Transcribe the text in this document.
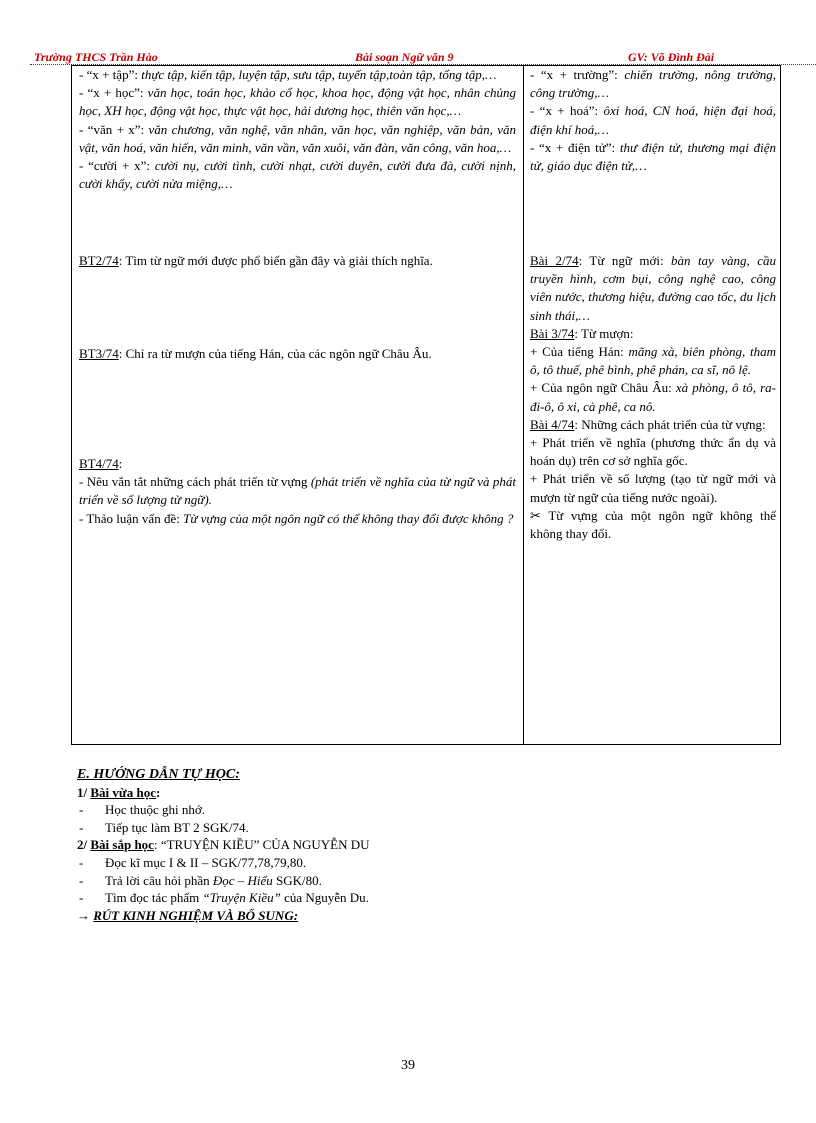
Trường THCS Trần Hào	Bài soạn Ngữ văn 9	GV: Võ Đình Đài
- “x + tập”: thực tập, kiến tập, luyện tập, sưu tập, tuyển tập,toàn tập, tổng tập,…
- “x + học”: văn học, toán học, khảo cổ học, khoa học, động vật học, nhân chủng học, XH học, động vật học, thực vật học, hải dương học, thiên văn học,…
- “văn + x”: văn chương, văn nghệ, văn nhân, văn học, văn nghiệp, văn bản, văn vật, văn hoá, văn hiến, văn minh, văn vần, văn xuôi, văn đàn, văn công, văn hoa,…
- “cười + x”: cười nụ, cười tình, cười nhạt, cười duyên, cười đưa đà, cười nịnh, cười khẩy, cười nửa miệng,…
BT2/74: Tìm từ ngữ mới được phổ biến gần đây và giải thích nghĩa.
BT3/74: Chỉ ra từ mượn của tiếng Hán, của các ngôn ngữ Châu Âu.
BT4/74:
- Nêu vắn tắt những cách phát triển từ vựng (phát triển về nghĩa của từ ngữ và phát triển về số lượng từ ngữ).
- Thảo luận vấn đề: Từ vựng của một ngôn ngữ có thể không thay đổi được không ?
- “x + trường”: chiến trường, nông trường, công trường,…
- “x + hoá”: ôxi hoá, CN hoá, hiện đại hoá, điện khí hoá,…
- “x + điện tử”: thư điện tử, thương mại điện tử, giáo dục điện tử,…
Bài 2/74: Từ ngữ mới: bàn tay vàng, cầu truyền hình, cơm bụi, công nghệ cao, công viên nước, thương hiệu, đường cao tốc, du lịch sinh thái,…
Bài 3/74: Từ mượn:
+ Của tiếng Hán: mãng xà, biên phòng, tham ô, tô thuế, phê bình, phê phán, ca sĩ, nô lệ.
+ Của ngôn ngữ Châu Âu: xà phòng, ô tô, ra-đi-ô, ô xi, cà phê, ca nô.
Bài 4/74: Những cách phát triển của từ vựng:
+ Phát triển về nghĩa (phương thức ẩn dụ và hoán dụ) trên cơ sở nghĩa gốc.
+ Phát triển về số lượng (tạo từ ngữ mới và mượn từ ngữ của tiếng nước ngoài).
✂ Từ vựng của một ngôn ngữ không thể không thay đổi.
E. HƯỚNG DẪN TỰ HỌC:
1/ Bài vừa học:
- Học thuộc ghi nhớ.
- Tiếp tục làm BT 2 SGK/74.
2/ Bài sắp học: “TRUYỆN KIỀU” CỦA NGUYỄN DU
- Đọc kĩ mục I & II – SGK/77,78,79,80.
- Trả lời câu hỏi phần Đọc – Hiểu SGK/80.
- Tìm đọc tác phẩm “Truyện Kiều” của Nguyễn Du.
→ RÚT KINH NGHIỆM VÀ BỔ SUNG:
39
